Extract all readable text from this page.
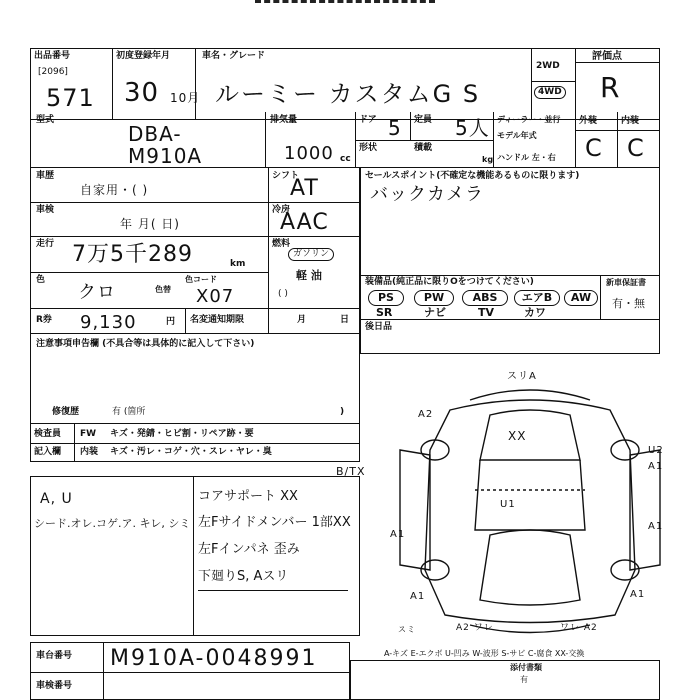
出品番号
[2096]
571
初度登録年月
30 10月
車名・グレード
ルーミー カスタムG S
2WD
4WD
評価点
R
型式
DBA-
M910A
排気量
1000 cc
ドア 5 定員 5人
形状	積載
kg
ディーラー・並行
モデル年式
ハンドル 左・右
外装	内装
C C
車歴
自家用・( )
シフト
AT
車検
年 月( 日)
冷房
AAC
走行 7万5千289	km
燃料
ガソリン
軽 油
( )
色
クロ	色替
色コード
X07
R券 9,130	円 名変通知期限	月	日
セールスポイント(不確定な機能あるものに限ります)
バックカメラ
装備品(純正品に限りOをつけてください)
PS	PW	ABS	エアB	AW
SR	ナビ	TV	カワ
新車保証書
有・無
後日品
注意事項申告欄 (不具合等は具体的に記入して下さい)
修復歴	有 (箇所	)
検査員
記入欄
FW キズ・発錆・ヒビ割・リペア跡・要
内装 キズ・汚レ・コゲ・穴・スレ・ヤレ・臭
B/TX
A, U
シード.オレ.コゲ.ア. キレ, シミ
コアサポート XX
左Fサイドメンバー 1部XX
左Fインパネ 歪み
下廻りS, Aスリ
スリA
A2
XX
U2
A1
A1
A1
U1
A1	A1
スミ	A2 ワレ	ワレ A2
A-キズ E-エクボ U-凹み W-波形 S-サビ C-腐食 XX-交換
車台番号 M910A-0048991
車検番号
添付書類
有
